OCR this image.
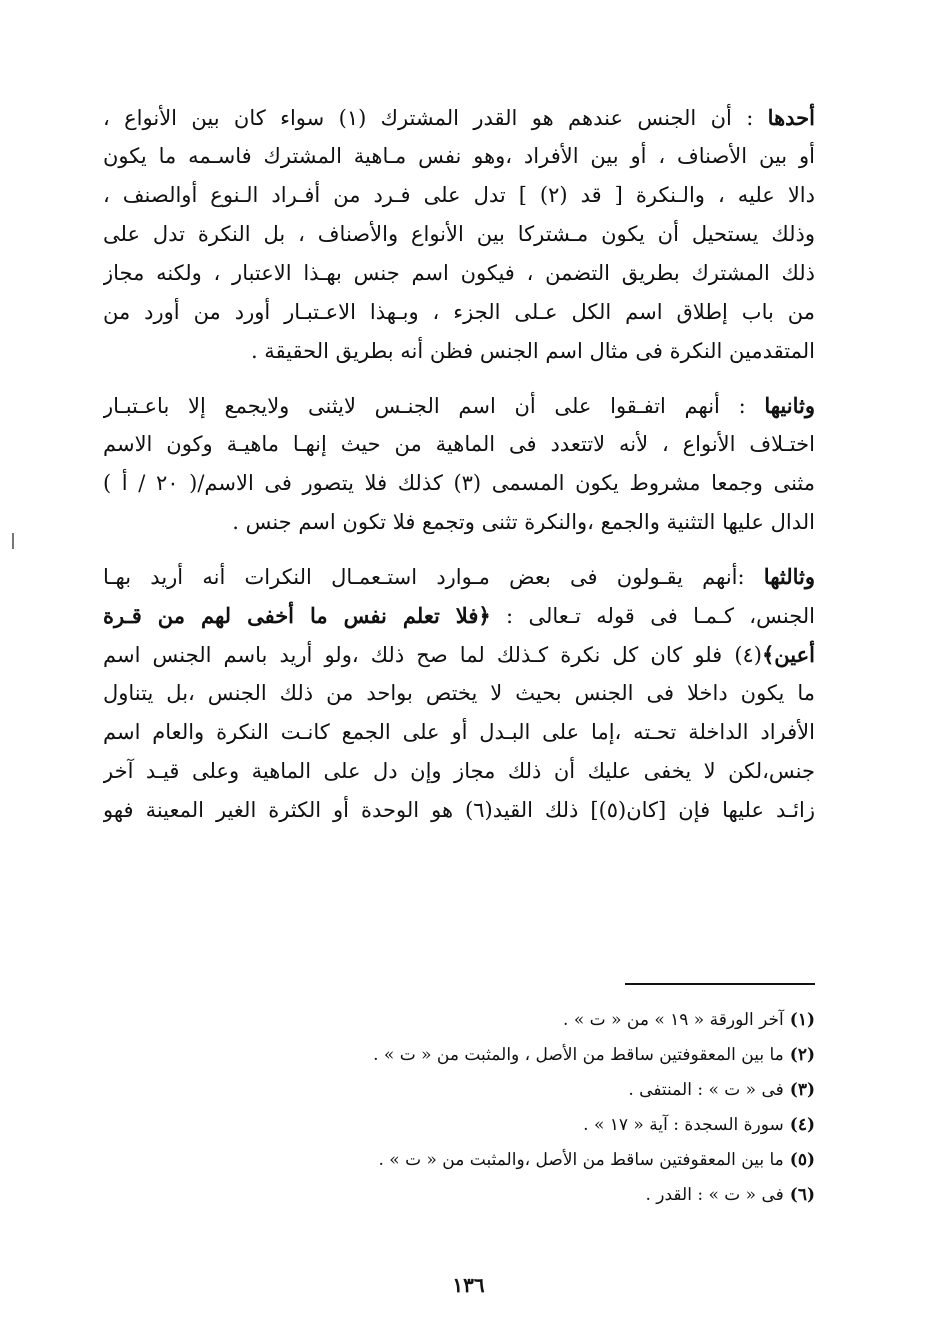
أحدها : أن الجنس عندهم هو القدر المشترك (١) سواء كان بين الأنواع ،
أو بين الأصناف ، أو بين الأفراد ،وهو نفس مـاهية المشترك فاسـمه ما يكون
دالا عليه ، والـنكرة [ قد (٢) ] تدل على فـرد من أفـراد الـنوع أوالصنف ،
وذلك يستحيل أن يكون مـشتركا بين الأنواع والأصناف ، بل النكرة تدل على
ذلك المشترك بطريق التضمن ، فيكون اسم جنس بهـذا الاعتبار ، ولكنه مجاز
من باب إطلاق اسم الكل عـلى الجزء ، وبـهذا الاعـتبـار أورد من أورد من
المتقدمين النكرة فى مثال اسم الجنس فظن أنه بطريق الحقيقة .
وثانيها : أنهم اتفـقوا على أن اسم الجنـس لايثنى ولايجمع إلا باعـتبـار
اختـلاف الأنواع ، لأنه لاتتعدد فى الماهية من حيث إنهـا ماهيـة وكون الاسم
مثنى وجمعا مشروط يكون المسمى (٣) كذلك فلا يتصور فى الاسم/( ٢٠ / أ )
الدال عليها التثنية والجمع ،والنكرة تثنى وتجمع فلا تكون اسم جنس .
وثالثها :أنهم يقـولون فى بعض مـوارد استـعمـال النكرات أنه أريد بهـا
الجنس، كـمـا فى قوله تـعالى : ﴿فلا تعلم نفس ما أخفى لهم من قـرة
أعين﴾(٤) فلو كان كل نكرة كـذلك لما صح ذلك ،ولو أريد باسم الجنس اسم
ما يكون داخلا فى الجنس بحيث لا يختص بواحد من ذلك الجنس ،بل يتناول
الأفراد الداخلة تحـته ،إما على البـدل أو على الجمع كانـت النكرة والعام اسم
جنس،لكن لا يخفى عليك أن ذلك مجاز وإن دل على الماهية وعلى قيـد آخر
زائـد عليها فإن [كان(٥)] ذلك القيد(٦) هو الوحدة أو الكثرة الغير المعينة فهو
(١)آخر الورقة « ١٩ » من « ت » .
(٢)ما بين المعقوفتين ساقط من الأصل ، والمثبت من « ت » .
(٣)فى « ت » : المنتفى .
(٤)سورة السجدة : آية « ١٧ » .
(٥)ما بين المعقوفتين ساقط من الأصل ،والمثبت من « ت » .
(٦)فى « ت » : القدر .
١٣٦
